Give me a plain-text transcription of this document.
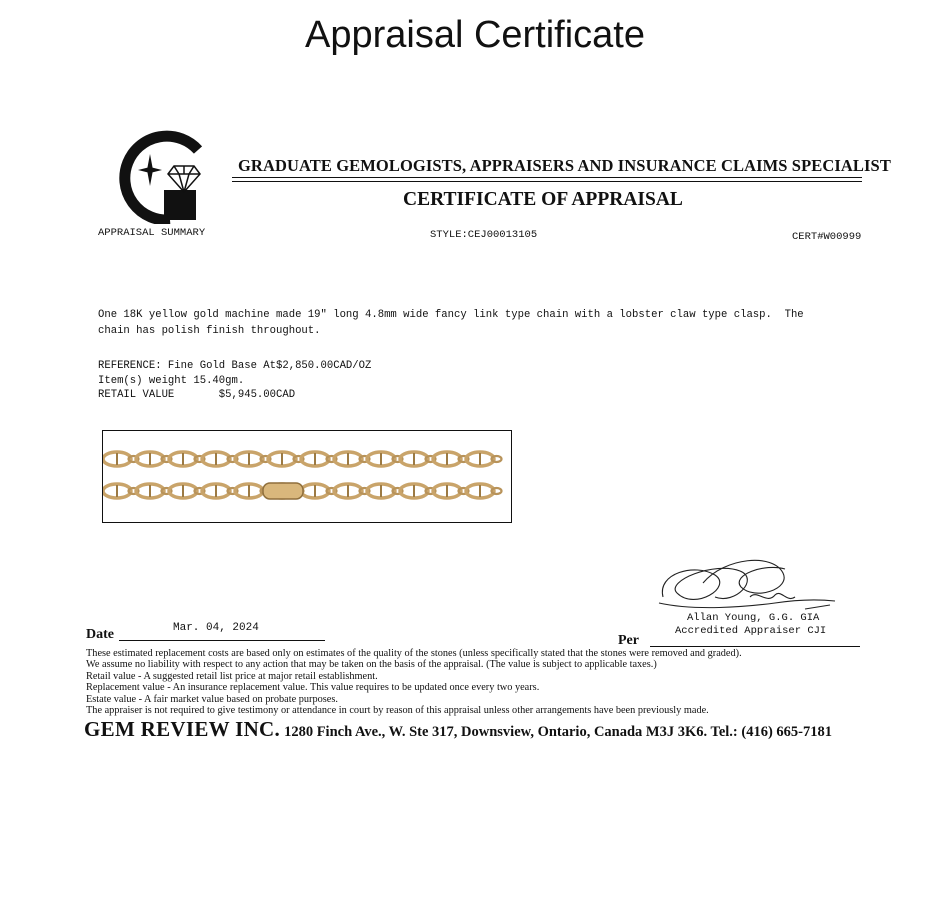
Appraisal Certificate
GRADUATE GEMOLOGISTS, APPRAISERS AND INSURANCE CLAIMS SPECIALIST
CERTIFICATE OF APPRAISAL
APPRAISAL SUMMARY	STYLE:CEJ00013105	CERT#W00999
One 18K yellow gold machine made 19" long 4.8mm wide fancy link type chain with a lobster claw type clasp.  The
chain has polish finish throughout.
REFERENCE: Fine Gold Base At$2,850.00CAD/OZ
Item(s) weight 15.40gm.
RETAIL VALUE       $5,945.00CAD
Date	Mar. 04, 2024
Per
Allan Young, G.G. GIA
Accredited Appraiser CJI
These estimated replacement costs are based only on estimates of the quality of the stones (unless specifically stated that the stones were removed and graded).
We assume no liability with respect to any action that may be taken on the basis of the appraisal. (The value is subject to applicable taxes.)
Retail value - A suggested retail list price at major retail establishment.
Replacement value - An insurance replacement value. This value requires to be updated once every two years.
Estate value - A fair market value based on probate purposes.
The appraiser is not required to give testimony or attendance in court by reason of this appraisal unless other arrangements have been previously made.
GEM REVIEW INC. 1280 Finch Ave., W. Ste 317, Downsview, Ontario, Canada M3J 3K6. Tel.: (416) 665-7181
